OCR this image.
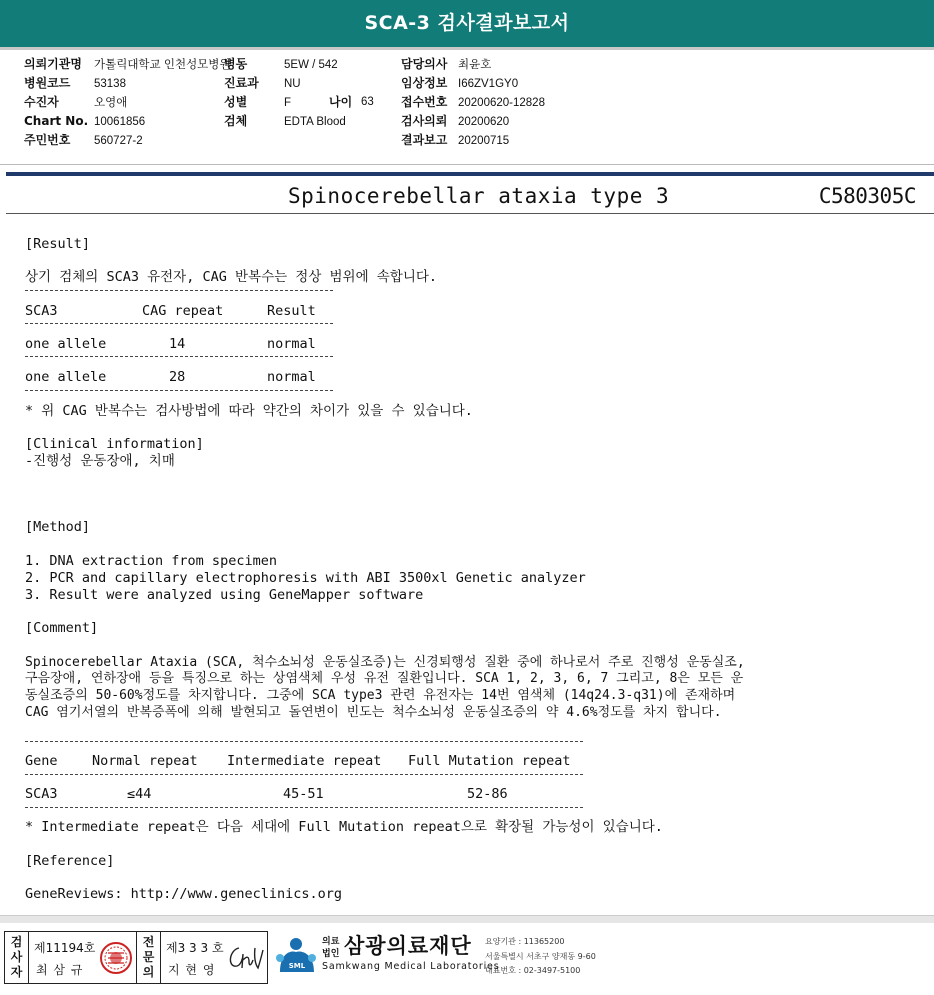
SCA-3 검사결과보고서
의뢰기관명 가톨릭대학교 인천성모병원
병원코드 53138
수진자	오영애
Chart No. 10061856
주민번호 560727-2
병동	5EW / 542
진료과 NU
성별	F	나이 63
검체	EDTA Blood
담당의사 최윤호
임상정보 I66ZV1GY0
접수번호 20200620-12828
검사의뢰 20200620
결과보고 20200715
Spinocerebellar ataxia type 3	C580305C
[Result]
상기 검체의 SCA3 유전자, CAG 반복수는 정상 범위에 속합니다.
SCA3	CAG repeat	Result
one allele	14	normal
one allele	28	normal
* 위 CAG 반복수는 검사방법에 따라 약간의 차이가 있을 수 있습니다.
[Clinical information]
-진행성 운동장애, 치매
[Method]
1. DNA extraction from specimen
2. PCR and capillary electrophoresis with ABI 3500xl Genetic analyzer
3. Result were analyzed using GeneMapper software
[Comment]
Spinocerebellar Ataxia (SCA, 척수소뇌성 운동실조증)는 신경퇴행성 질환 중에 하나로서 주로 진행성 운동실조,
구음장애, 연하장애 등을 특징으로 하는 상염색체 우성 유전 질환입니다. SCA 1, 2, 3, 6, 7 그리고, 8은 모든 운
동실조증의 50-60%정도를 차지합니다. 그중에 SCA type3 관련 유전자는 14번 염색체 (14q24.3-q31)에 존재하며
CAG 염기서열의 반복증폭에 의해 발현되고 돌연변이 빈도는 척수소뇌성 운동실조증의 약 4.6%정도를 차지 합니다.
Gene	Normal repeat Intermediate repeat Full Mutation repeat
SCA3	≤44	45-51	52-86
* Intermediate repeat은 다음 세대에 Full Mutation repeat으로 확장될 가능성이 있습니다.
[Reference]
GeneReviews: http://www.geneclinics.org
검
사
자
제11194호
최 삼 규
전
문
의
제3 3 3 호
지 현 영	SML
의료
법인 삼광의료재단
Samkwang Medical Laboratories
요양기관 : 11365200
서울특별시 서초구 양재동 9-60
대표번호 : 02-3497-5100
